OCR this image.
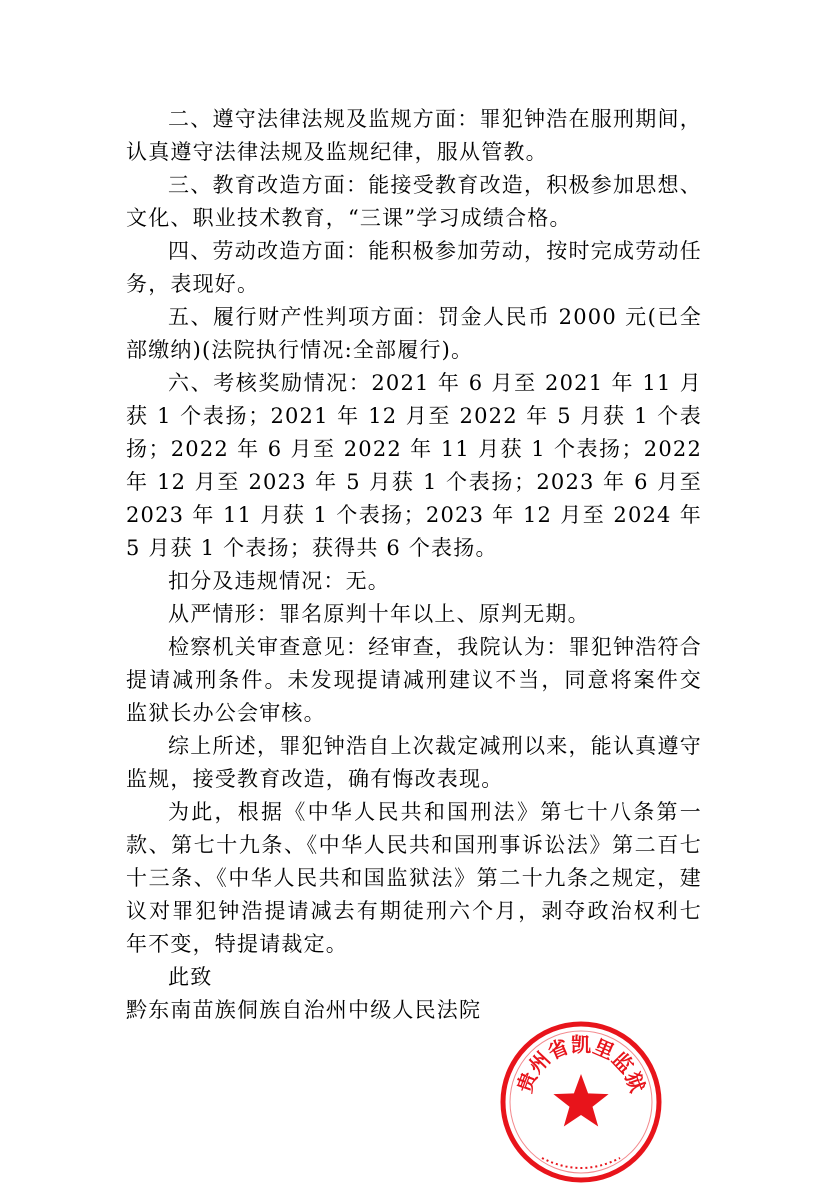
二、遵守法律法规及监规方面：罪犯钟浩在服刑期间，认真遵守法律法规及监规纪律，服从管教。

三、教育改造方面：能接受教育改造，积极参加思想、文化、职业技术教育，“三课”学习成绩合格。

四、劳动改造方面：能积极参加劳动，按时完成劳动任务，表现好。

五、履行财产性判项方面：罚金人民币 2000 元(已全部缴纳)(法院执行情况:全部履行)。

六、考核奖励情况：2021 年 6 月至 2021 年 11 月获 1 个表扬；2021 年 12 月至 2022 年 5 月获 1 个表扬；2022 年 6 月至 2022 年 11 月获 1 个表扬；2022 年 12 月至 2023 年 5 月获 1 个表扬；2023 年 6 月至 2023 年 11 月获 1 个表扬；2023 年 12 月至 2024 年 5 月获 1 个表扬；获得共 6 个表扬。

扣分及违规情况：无。

从严情形：罪名原判十年以上、原判无期。

检察机关审查意见：经审查，我院认为：罪犯钟浩符合提请减刑条件。未发现提请减刑建议不当，同意将案件交监狱长办公会审核。

综上所述，罪犯钟浩自上次裁定减刑以来，能认真遵守监规，接受教育改造，确有悔改表现。

为此，根据《中华人民共和国刑法》第七十八条第一款、第七十九条、《中华人民共和国刑事诉讼法》第二百七十三条、《中华人民共和国监狱法》第二十九条之规定，建议对罪犯钟浩提请减去有期徒刑六个月，剥夺政治权利七年不变，特提请裁定。

此致

黔东南苗族侗族自治州中级人民法院

贵
州
省
凯
里
监
狱
